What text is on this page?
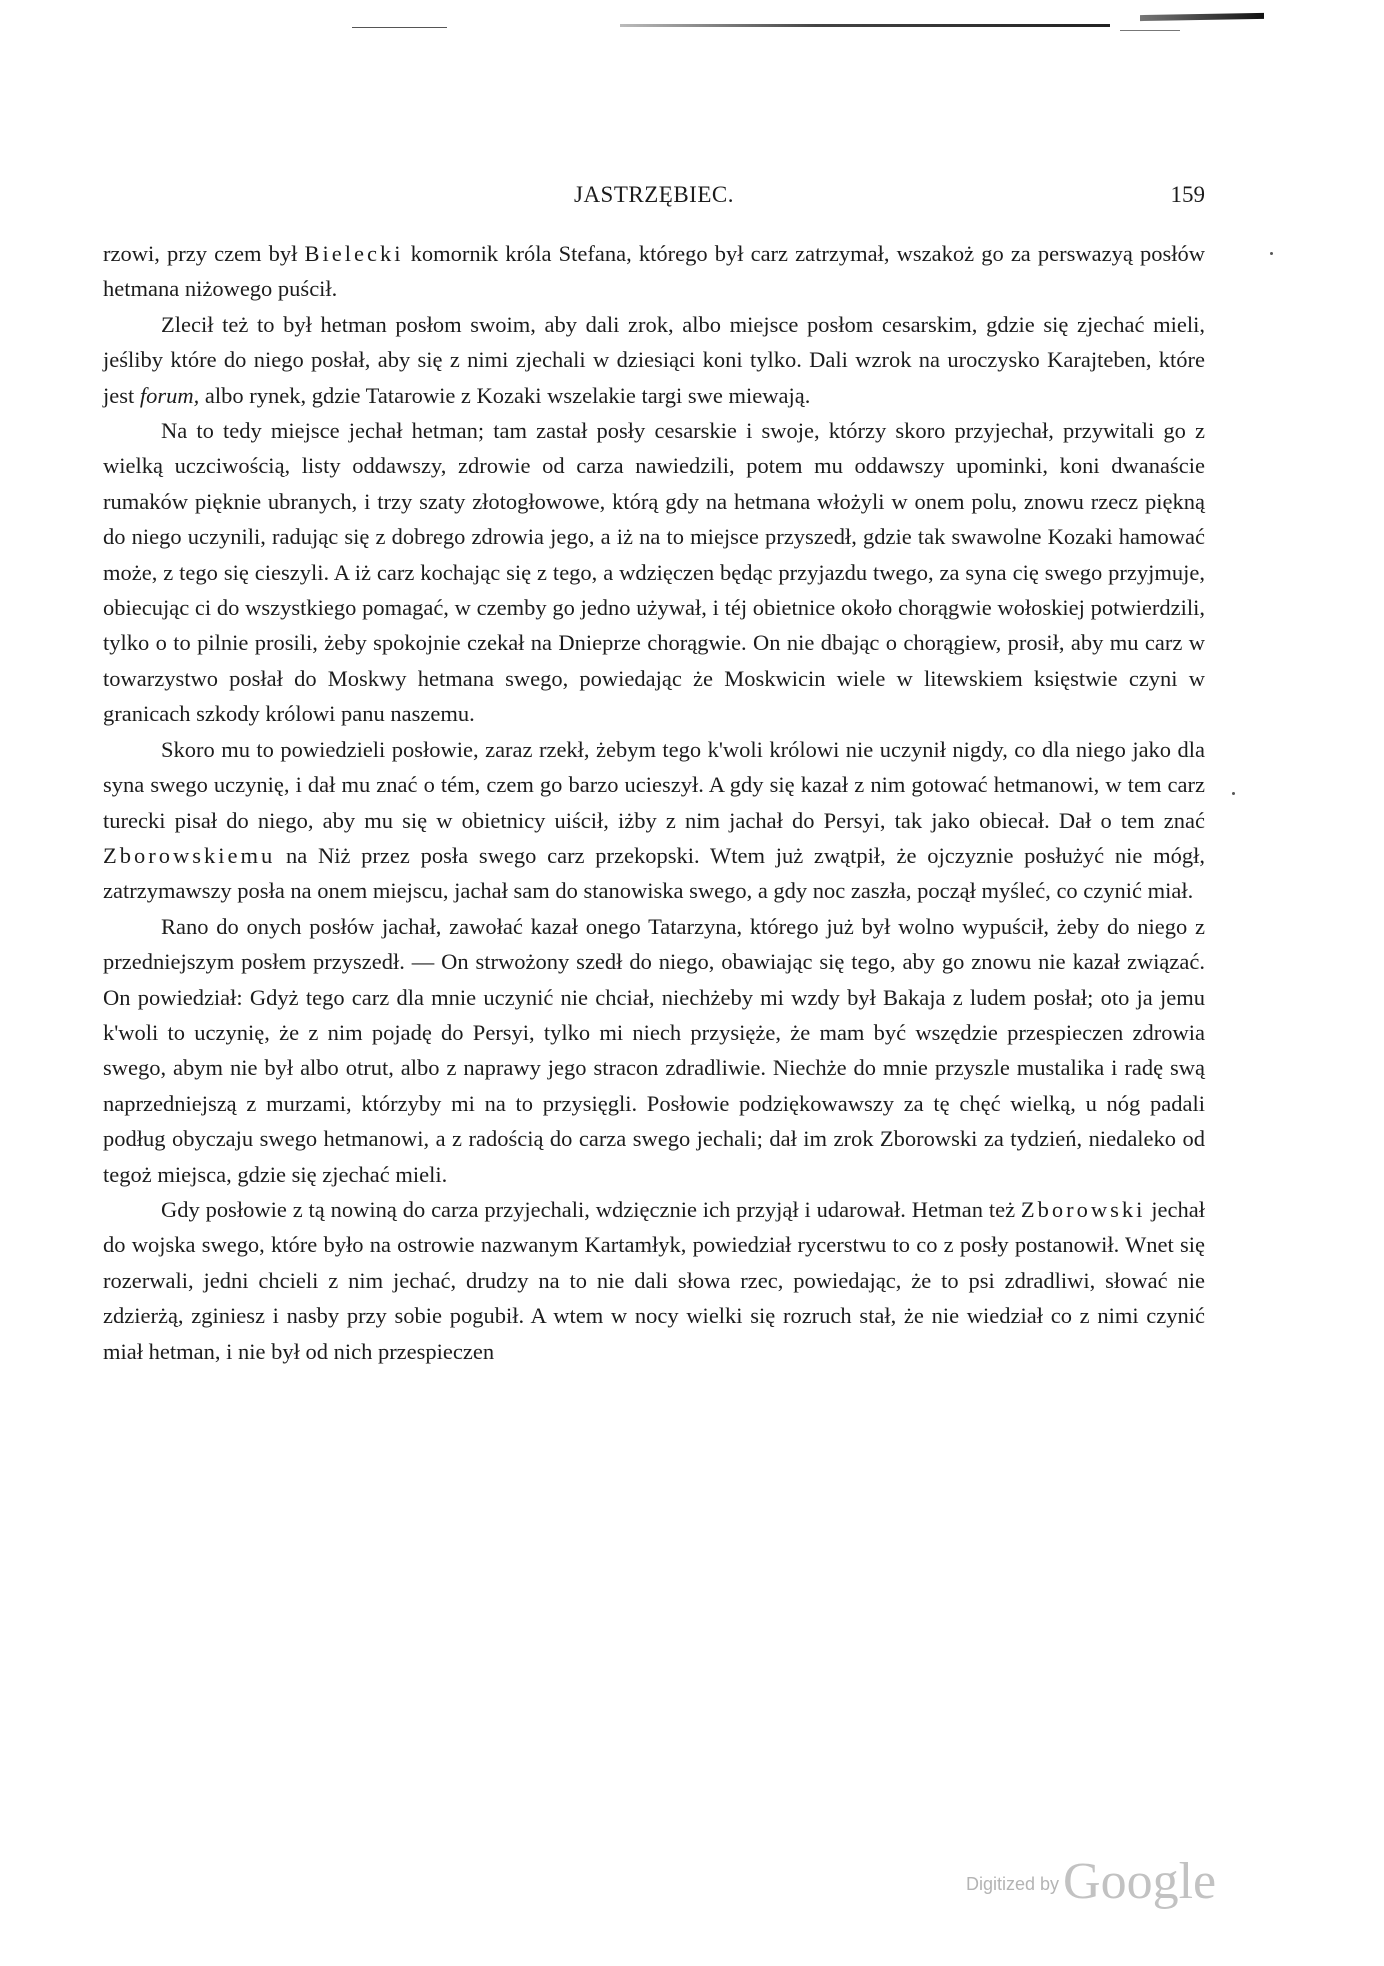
JASTRZĘBIEC.	159

rzowi, przy czem był Bielecki komornik króla Stefana, którego był carz zatrzymał, wszakoż go za perswazyą posłów hetmana niżowego puścił.

Zlecił też to był hetman posłom swoim, aby dali zrok, albo miejsce posłom cesarskim, gdzie się zjechać mieli, jeśliby które do niego posłał, aby się z nimi zjechali w dziesiąci koni tylko. Dali wzrok na uroczysko Karajteben, które jest forum, albo rynek, gdzie Tatarowie z Kozaki wszelakie targi swe miewają.

Na to tedy miejsce jechał hetman; tam zastał posły cesarskie i swoje, którzy skoro przyjechał, przywitali go z wielką uczciwością, listy oddawszy, zdrowie od carza nawiedzili, potem mu oddawszy upominki, koni dwanaście rumaków pięknie ubranych, i trzy szaty złotogłowowe, którą gdy na hetmana włożyli w onem polu, znowu rzecz piękną do niego uczynili, radując się z dobrego zdrowia jego, a iż na to miejsce przyszedł, gdzie tak swawolne Kozaki hamować może, z tego się cieszyli. A iż carz kochając się z tego, a wdzięczen będąc przyjazdu twego, za syna cię swego przyjmuje, obiecując ci do wszystkiego pomagać, w czemby go jedno używał, i téj obietnice około chorągwie wołoskiej potwierdzili, tylko o to pilnie prosili, żeby spokojnie czekał na Dnieprze chorągwie. On nie dbając o chorągiew, prosił, aby mu carz w towarzystwo posłał do Moskwy hetmana swego, powiedając że Moskwicin wiele w litewskiem księstwie czyni w granicach szkody królowi panu naszemu.

Skoro mu to powiedzieli posłowie, zaraz rzekł, żebym tego k'woli królowi nie uczynił nigdy, co dla niego jako dla syna swego uczynię, i dał mu znać o tém, czem go barzo ucieszył. A gdy się kazał z nim gotować hetmanowi, w tem carz turecki pisał do niego, aby mu się w obietnicy uiścił, iżby z nim jachał do Persyi, tak jako obiecał. Dał o tem znać Zborowskiemu na Niż przez posła swego carz przekopski. Wtem już zwątpił, że ojczyznie posłużyć nie mógł, zatrzymawszy posła na onem miejscu, jachał sam do stanowiska swego, a gdy noc zaszła, począł myśleć, co czynić miał.

Rano do onych posłów jachał, zawołać kazał onego Tatarzyna, którego już był wolno wypuścił, żeby do niego z przedniejszym posłem przyszedł. — On strwożony szedł do niego, obawiając się tego, aby go znowu nie kazał związać. On powiedział: Gdyż tego carz dla mnie uczynić nie chciał, niechżeby mi wzdy był Bakaja z ludem posłał; oto ja jemu k'woli to uczynię, że z nim pojadę do Persyi, tylko mi niech przysięże, że mam być wszędzie przespieczen zdrowia swego, abym nie był albo otrut, albo z naprawy jego stracon zdradliwie. Niechże do mnie przyszle mustalika i radę swą naprzedniejszą z murzami, którzyby mi na to przysięgli. Posłowie podziękowawszy za tę chęć wielką, u nóg padali podług obyczaju swego hetmanowi, a z radością do carza swego jechali; dał im zrok Zborowski za tydzień, niedaleko od tegoż miejsca, gdzie się zjechać mieli.

Gdy posłowie z tą nowiną do carza przyjechali, wdzięcznie ich przyjął i udarował. Hetman też Zborowski jechał do wojska swego, które było na ostrowie nazwanym Kartamłyk, powiedział rycerstwu to co z posły postanowił. Wnet się rozerwali, jedni chcieli z nim jechać, drudzy na to nie dali słowa rzec, powiedając, że to psi zdradliwi, słować nie zdzierżą, zginiesz i nasby przy sobie pogubił. A wtem w nocy wielki się rozruch stał, że nie wiedział co z nimi czynić miał hetman, i nie był od nich przespieczen

Digitized by Google
